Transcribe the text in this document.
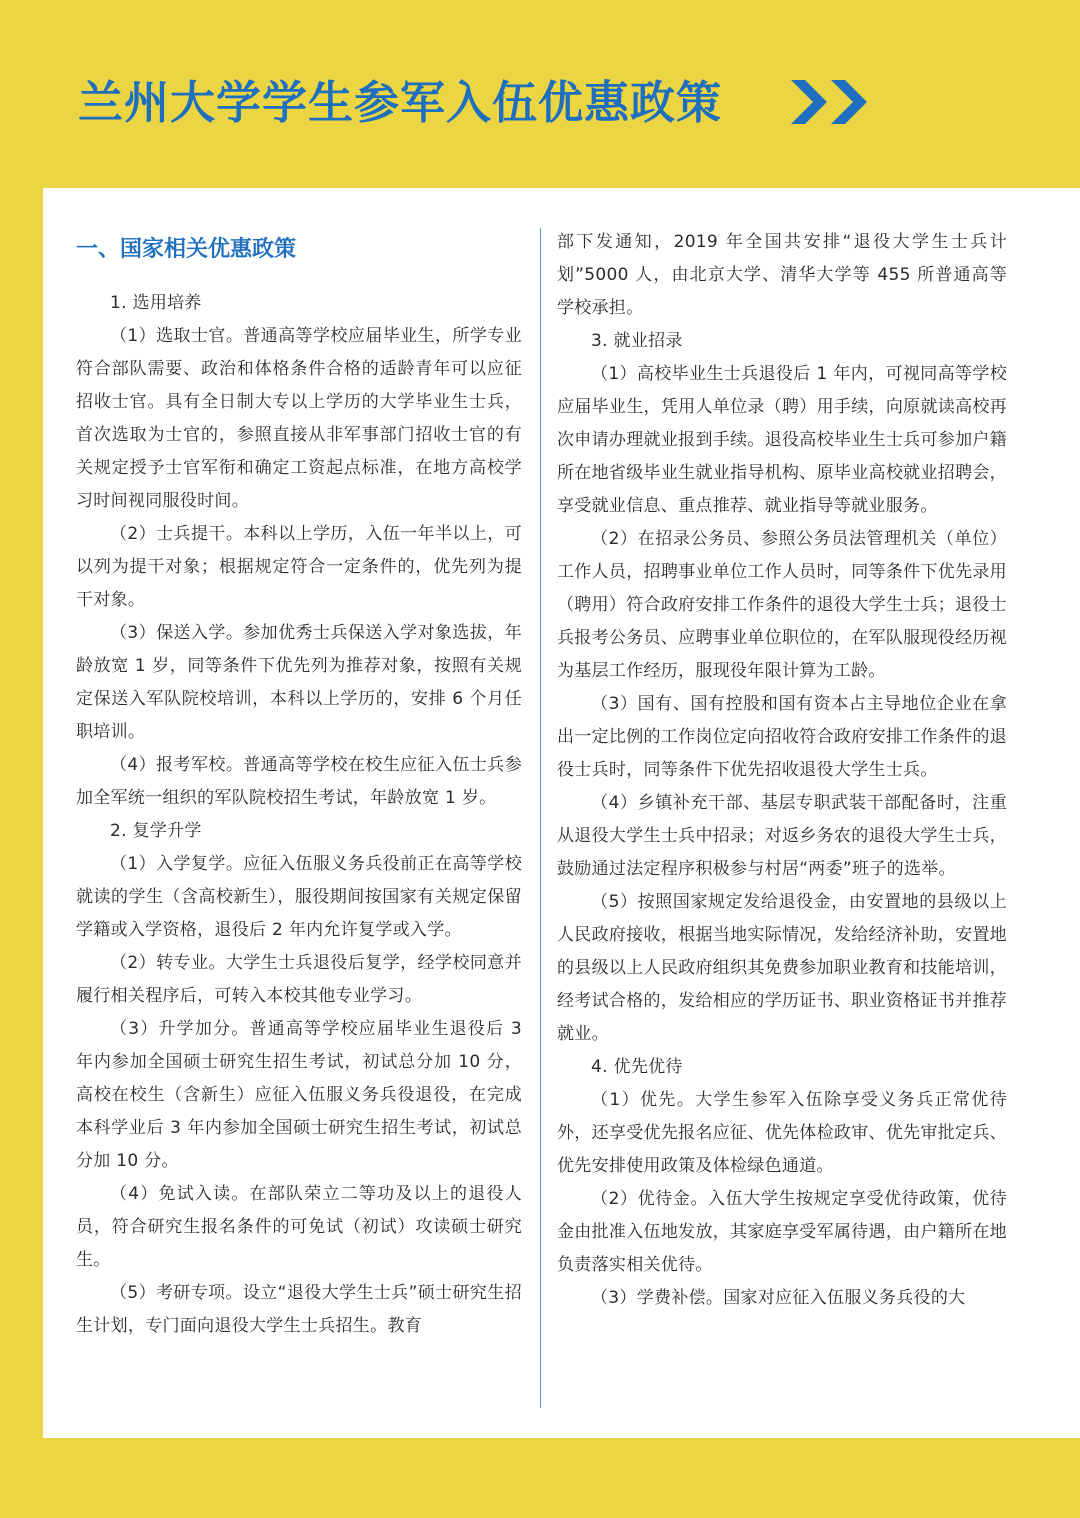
兰州大学学生参军入伍优惠政策
一、国家相关优惠政策

1. 选用培养

（1）选取士官。普通高等学校应届毕业生，所学专业符合部队需要、政治和体格条件合格的适龄青年可以应征招收士官。具有全日制大专以上学历的大学毕业生士兵，首次选取为士官的，参照直接从非军事部门招收士官的有关规定授予士官军衔和确定工资起点标准，在地方高校学习时间视同服役时间。

（2）士兵提干。本科以上学历，入伍一年半以上，可以列为提干对象；根据规定符合一定条件的，优先列为提干对象。

（3）保送入学。参加优秀士兵保送入学对象选拔，年龄放宽 1 岁，同等条件下优先列为推荐对象，按照有关规定保送入军队院校培训，本科以上学历的，安排 6 个月任职培训。

（4）报考军校。普通高等学校在校生应征入伍士兵参加全军统一组织的军队院校招生考试，年龄放宽 1 岁。

2. 复学升学

（1）入学复学。应征入伍服义务兵役前正在高等学校就读的学生（含高校新生），服役期间按国家有关规定保留学籍或入学资格，退役后 2 年内允许复学或入学。

（2）转专业。大学生士兵退役后复学，经学校同意并履行相关程序后，可转入本校其他专业学习。

（3）升学加分。普通高等学校应届毕业生退役后 3 年内参加全国硕士研究生招生考试，初试总分加 10 分，高校在校生（含新生）应征入伍服义务兵役退役，在完成本科学业后 3 年内参加全国硕士研究生招生考试，初试总分加 10 分。

（4）免试入读。在部队荣立二等功及以上的退役人员，符合研究生报名条件的可免试（初试）攻读硕士研究生。

（5）考研专项。设立“退役大学生士兵”硕士研究生招生计划，专门面向退役大学生士兵招生。教育

部下发通知，2019 年全国共安排“退役大学生士兵计划”5000 人，由北京大学、清华大学等 455 所普通高等学校承担。

3. 就业招录

（1）高校毕业生士兵退役后 1 年内，可视同高等学校应届毕业生，凭用人单位录（聘）用手续，向原就读高校再次申请办理就业报到手续。退役高校毕业生士兵可参加户籍所在地省级毕业生就业指导机构、原毕业高校就业招聘会，享受就业信息、重点推荐、就业指导等就业服务。

（2）在招录公务员、参照公务员法管理机关（单位）工作人员，招聘事业单位工作人员时，同等条件下优先录用（聘用）符合政府安排工作条件的退役大学生士兵；退役士兵报考公务员、应聘事业单位职位的，在军队服现役经历视为基层工作经历，服现役年限计算为工龄。

（3）国有、国有控股和国有资本占主导地位企业在拿出一定比例的工作岗位定向招收符合政府安排工作条件的退役士兵时，同等条件下优先招收退役大学生士兵。

（4）乡镇补充干部、基层专职武装干部配备时，注重从退役大学生士兵中招录；对返乡务农的退役大学生士兵，鼓励通过法定程序积极参与村居“两委”班子的选举。

（5）按照国家规定发给退役金，由安置地的县级以上人民政府接收，根据当地实际情况，发给经济补助，安置地的县级以上人民政府组织其免费参加职业教育和技能培训，经考试合格的，发给相应的学历证书、职业资格证书并推荐就业。

4. 优先优待

（1）优先。大学生参军入伍除享受义务兵正常优待外，还享受优先报名应征、优先体检政审、优先审批定兵、优先安排使用政策及体检绿色通道。

（2）优待金。入伍大学生按规定享受优待政策，优待金由批准入伍地发放，其家庭享受军属待遇，由户籍所在地负责落实相关优待。

（3）学费补偿。国家对应征入伍服义务兵役的大
